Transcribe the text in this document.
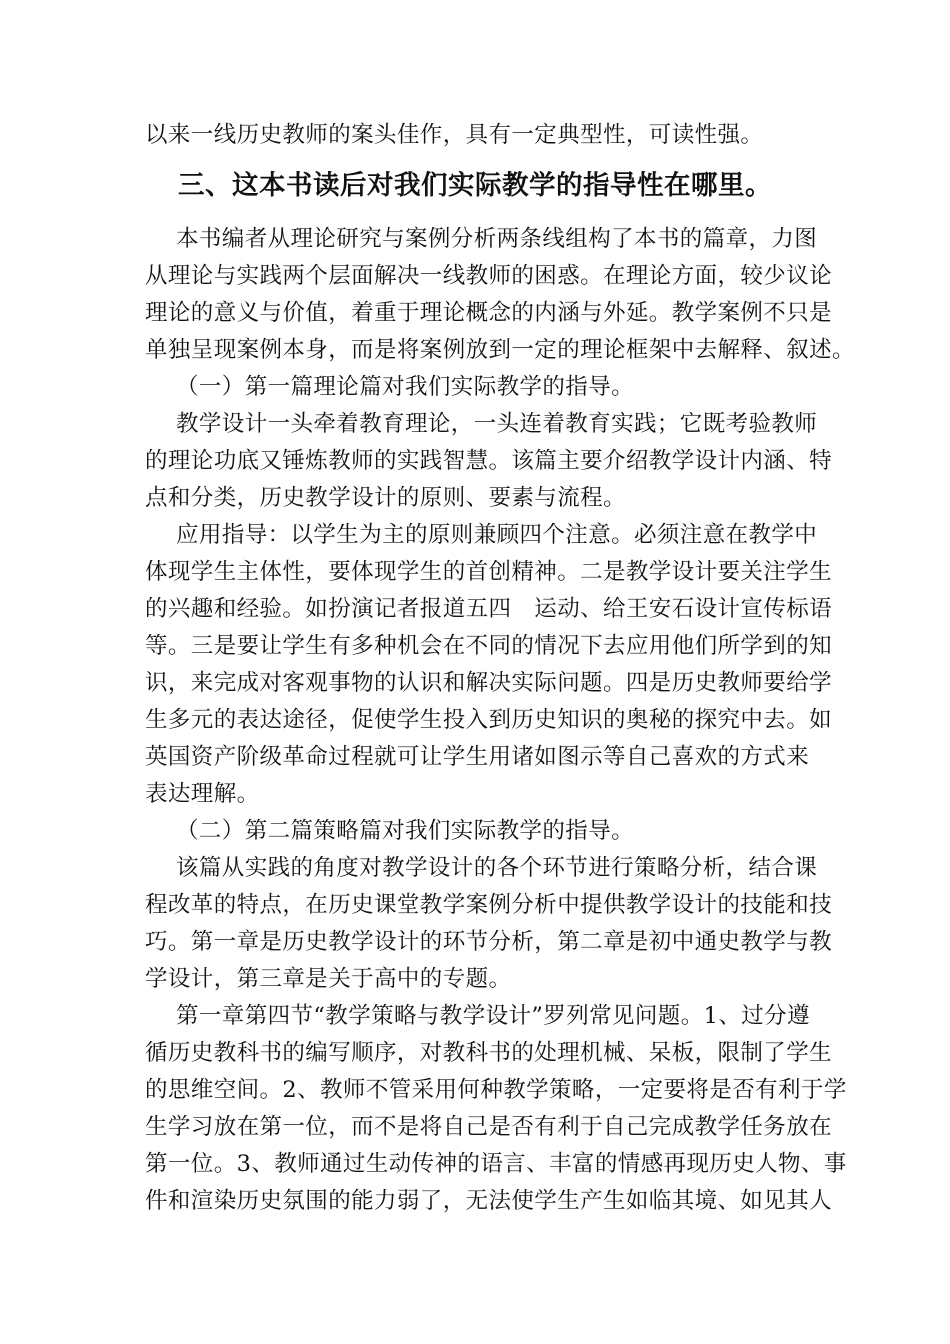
以来一线历史教师的案头佳作，具有一定典型性，可读性强。

三、这本书读后对我们实际教学的指导性在哪里。

本书编者从理论研究与案例分析两条线组构了本书的篇章，力图

从理论与实践两个层面解决一线教师的困惑。在理论方面，较少议论

理论的意义与价值，着重于理论概念的内涵与外延。教学案例不只是

单独呈现案例本身，而是将案例放到一定的理论框架中去解释、叙述。

（一）第一篇理论篇对我们实际教学的指导。

教学设计一头牵着教育理论，一头连着教育实践；它既考验教师

的理论功底又锤炼教师的实践智慧。该篇主要介绍教学设计内涵、特

点和分类，历史教学设计的原则、要素与流程。

应用指导：以学生为主的原则兼顾四个注意。必须注意在教学中

体现学生主体性，要体现学生的首创精神。二是教学设计要关注学生

的兴趣和经验。如扮演记者报道五四　运动、给王安石设计宣传标语

等。三是要让学生有多种机会在不同的情况下去应用他们所学到的知

识，来完成对客观事物的认识和解决实际问题。四是历史教师要给学

生多元的表达途径，促使学生投入到历史知识的奥秘的探究中去。如

英国资产阶级革命过程就可让学生用诸如图示等自己喜欢的方式来

表达理解。

（二）第二篇策略篇对我们实际教学的指导。

该篇从实践的角度对教学设计的各个环节进行策略分析，结合课

程改革的特点，在历史课堂教学案例分析中提供教学设计的技能和技

巧。第一章是历史教学设计的环节分析，第二章是初中通史教学与教

学设计，第三章是关于高中的专题。

第一章第四节“教学策略与教学设计”罗列常见问题。1、过分遵

循历史教科书的编写顺序，对教科书的处理机械、呆板，限制了学生

的思维空间。2、教师不管采用何种教学策略，一定要将是否有利于学

生学习放在第一位，而不是将自己是否有利于自己完成教学任务放在

第一位。3、教师通过生动传神的语言、丰富的情感再现历史人物、事

件和渲染历史氛围的能力弱了，无法使学生产生如临其境、如见其人
